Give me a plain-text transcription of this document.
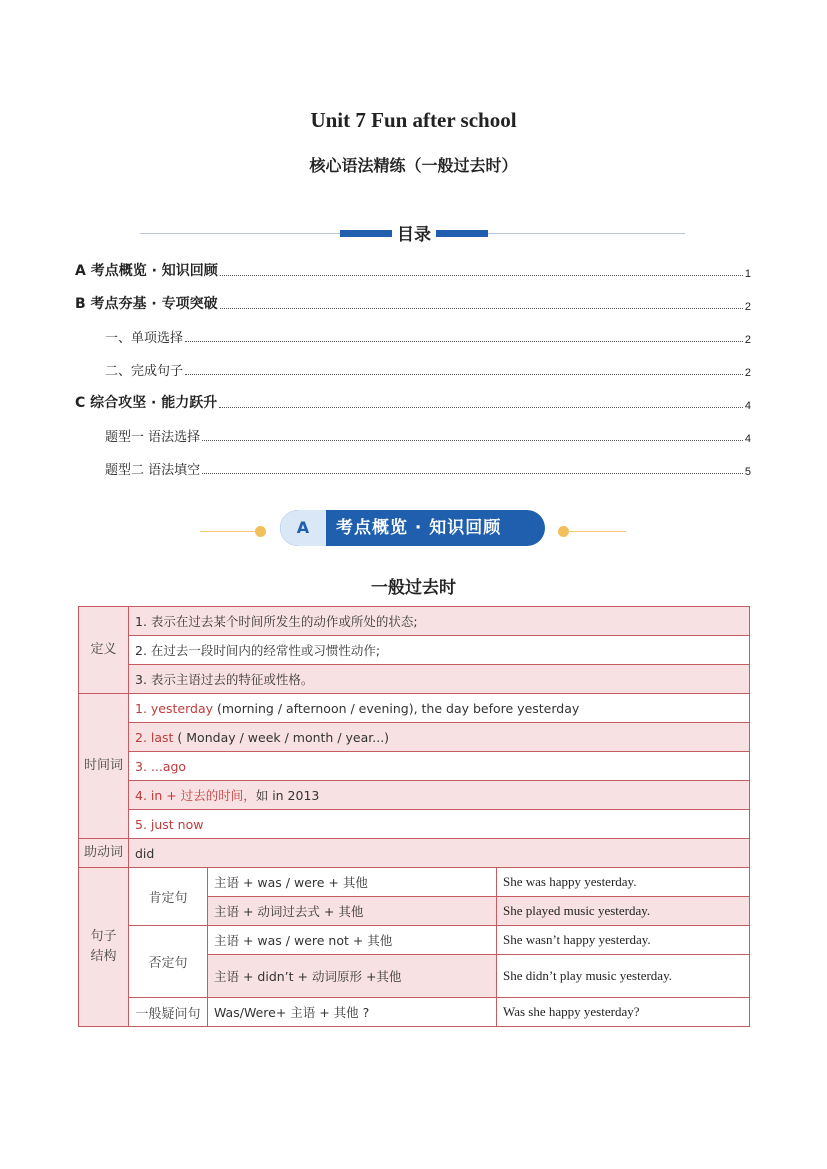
Unit 7 Fun after school
核心语法精练（一般过去时）
目录
A 考点概览 · 知识回顾	1
B 考点夯基 · 专项突破	2
一、单项选择	2
二、完成句子	2
C 综合攻坚 · 能力跃升	4
题型一 语法选择	4
题型二 语法填空	5
A	考点概览 · 知识回顾
一般过去时
定义	1. 表示在过去某个时间所发生的动作或所处的状态;		
	2. 在过去一段时间内的经常性或习惯性动作;		
	3. 表示主语过去的特征或性格。		
时间词	1. yesterday (morning / afternoon / evening), the day before yesterday		
	2. last ( Monday / week / month / year...)		
	3. ...ago		
	4. in + 过去的时间，如 in 2013		
	5. just now		
助动词	did		
句子结构	肯定句	主语 + was / were + 其他	She was happy yesterday.
		主语 + 动词过去式 + 其他	She played music yesterday.
	否定句	主语 + was / were not + 其他	She wasn’t happy yesterday.
		主语 + didn’t + 动词原形 +其他	She didn’t play music yesterday.
	一般疑问句	Was/Were+ 主语 + 其他 ?	Was she happy yesterday?
